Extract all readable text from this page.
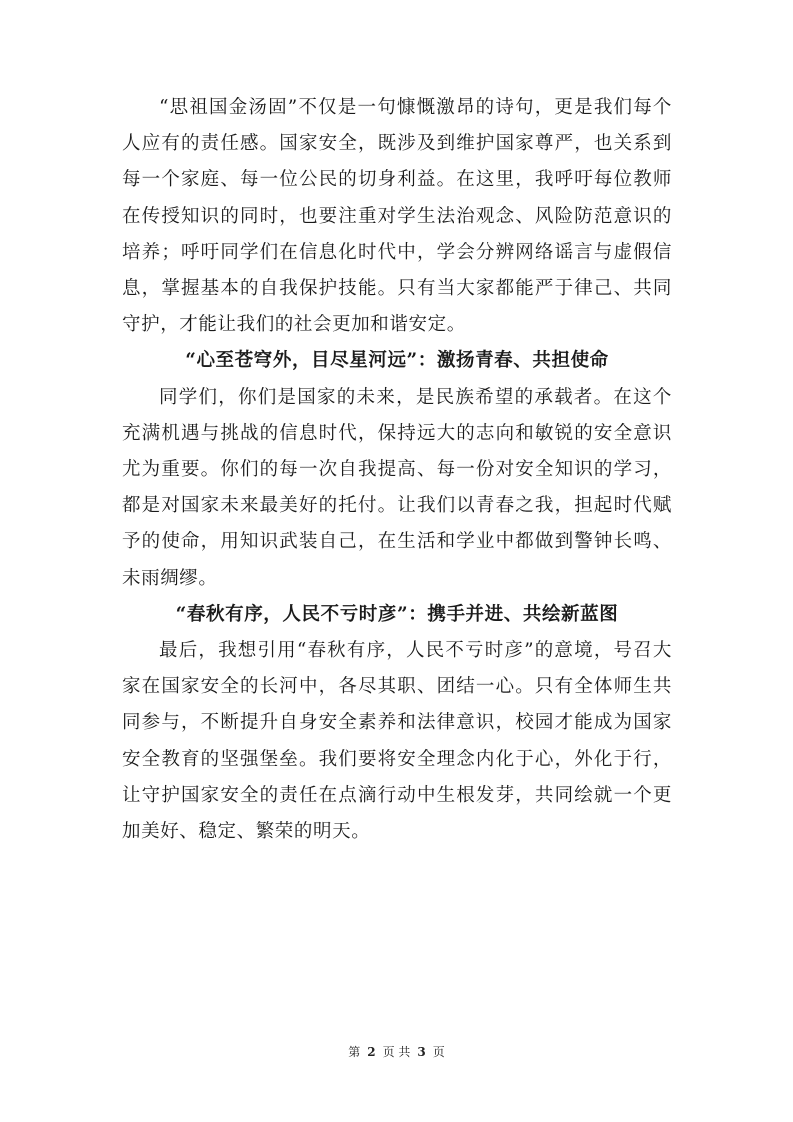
“思祖国金汤固”不仅是一句慷慨激昂的诗句，更是我们每个人应有的责任感。国家安全，既涉及到维护国家尊严，也关系到每一个家庭、每一位公民的切身利益。在这里，我呼吁每位教师在传授知识的同时，也要注重对学生法治观念、风险防范意识的培养；呼吁同学们在信息化时代中，学会分辨网络谣言与虚假信息，掌握基本的自我保护技能。只有当大家都能严于律己、共同守护，才能让我们的社会更加和谐安定。

“心至苍穹外，目尽星河远”：激扬青春、共担使命

同学们，你们是国家的未来，是民族希望的承载者。在这个充满机遇与挑战的信息时代，保持远大的志向和敏锐的安全意识尤为重要。你们的每一次自我提高、每一份对安全知识的学习，都是对国家未来最美好的托付。让我们以青春之我，担起时代赋予的使命，用知识武装自己，在生活和学业中都做到警钟长鸣、未雨绸缪。

“春秋有序，人民不亏时彦”：携手并进、共绘新蓝图

最后，我想引用“春秋有序，人民不亏时彦”的意境，号召大家在国家安全的长河中，各尽其职、团结一心。只有全体师生共同参与，不断提升自身安全素养和法律意识，校园才能成为国家安全教育的坚强堡垒。我们要将安全理念内化于心，外化于行，让守护国家安全的责任在点滴行动中生根发芽，共同绘就一个更加美好、稳定、繁荣的明天。

第 2 页 共 3 页
